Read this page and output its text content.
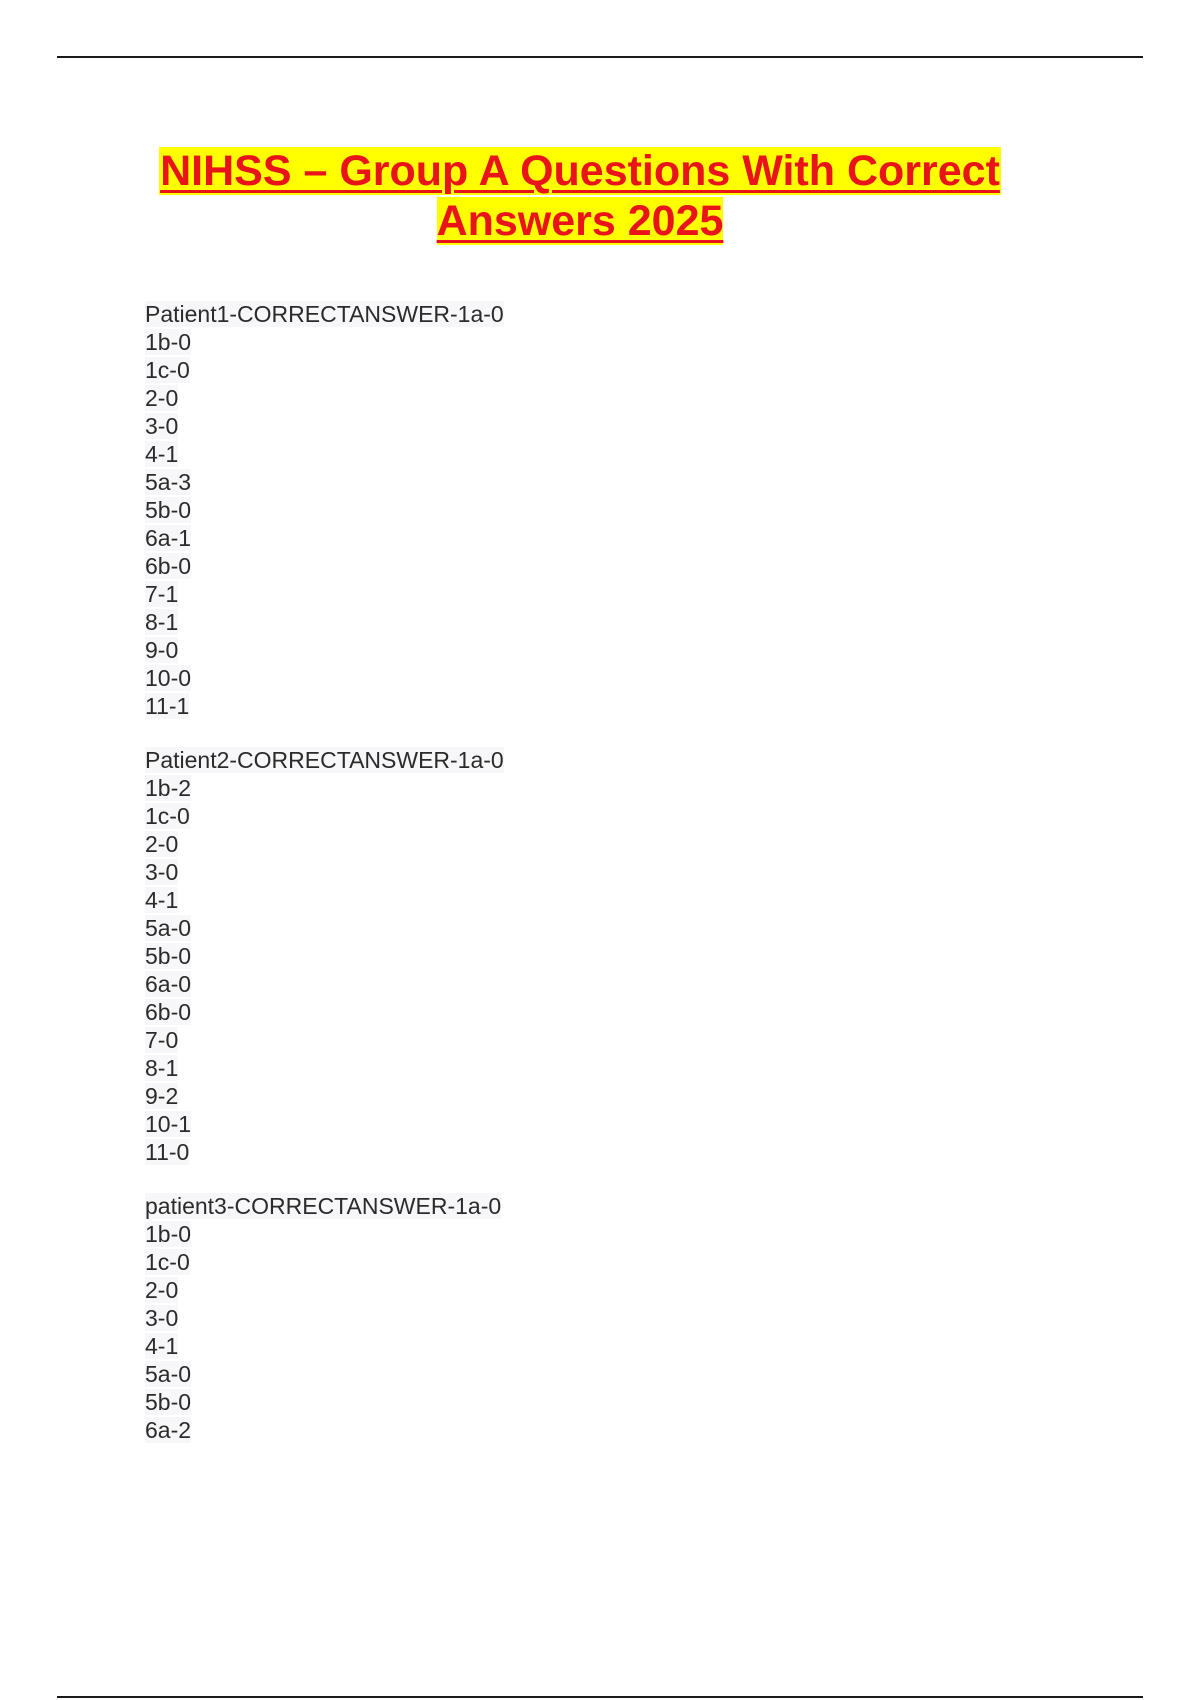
NIHSS – Group A Questions With Correct
Answers 2025
Patient1-CORRECTANSWER-1a-0
1b-0
1c-0
2-0
3-0
4-1
5a-3
5b-0
6a-1
6b-0
7-1
8-1
9-0
10-0
11-1
Patient2-CORRECTANSWER-1a-0
1b-2
1c-0
2-0
3-0
4-1
5a-0
5b-0
6a-0
6b-0
7-0
8-1
9-2
10-1
11-0
patient3-CORRECTANSWER-1a-0
1b-0
1c-0
2-0
3-0
4-1
5a-0
5b-0
6a-2
